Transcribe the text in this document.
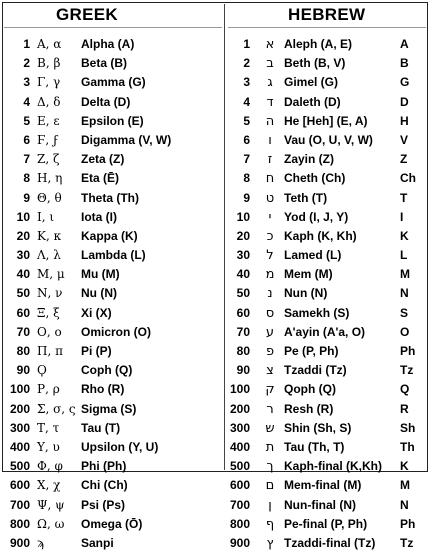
GREEK	HEBREW
1 Α, α Alpha (A)
2 Β, β Beta (B)
3 Γ, γ Gamma (G)
4 Δ, δ Delta (D)
5 Ε, ε Epsilon (E)
6 Ϝ, ϝ Digamma (V, W)
7 Ζ, ζ Zeta (Z)
8 Η, η Eta (Ē)
9 Θ, θ Theta (Th)
10 Ι, ι Iota (I)
20 Κ, κ Kappa (K)
30 Λ, λ Lambda (L)
40 Μ, μ Mu (M)
50 Ν, ν Nu (N)
60 Ξ, ξ Xi (X)
70 Ο, ο Omicron (O)
80 Π, π Pi (P)
90 Ϙ	Coph (Q)
100 Ρ, ρ Rho (R)
200 Σ, σ, ς Sigma (S)
300 Τ, τ Tau (T)
400 Υ, υ Upsilon (Y, U)
500 Φ, φ Phi (Ph)
600 Χ, χ Chi (Ch)
700 Ψ, ψ Psi (Ps)
800 Ω, ω Omega (Ō)
900 ϡ	Sanpi
1	א Aleph (A, E)	A
2	ב Beth (B, V)	B
3	ג Gimel (G)	G
4	ד Daleth (D)	D
5	ה He [Heh] (E, A)	H
6	ו	Vau (O, U, V, W) V
7	ז Zayin (Z)	Z
8	ח Cheth (Ch)	Ch
9	ט Teth (T)	T
10	י	Yod (I, J, Y)	I
20	כ Kaph (K, Kh)	K
30	ל Lamed (L)	L
40	מ Mem (M)	M
50	נ Nun (N)	N
60	ס Samekh (S)	S
70	ע A'ayin (A'a, O)	O
80	פ Pe (P, Ph)	Ph
90	צ Tzaddi (Tz)	Tz
100	ק Qoph (Q)	Q
200	ר Resh (R)	R
300	ש Shin (Sh, S)	Sh
400	ת Tau (Th, T)	Th
500	ך Kaph-final (K,Kh) K
600	ם Mem-final (M)	M
700	ן	Nun-final (N)	N
800	ף Pe-final (P, Ph)	Ph
900	ץ Tzaddi-final (Tz) Tz
